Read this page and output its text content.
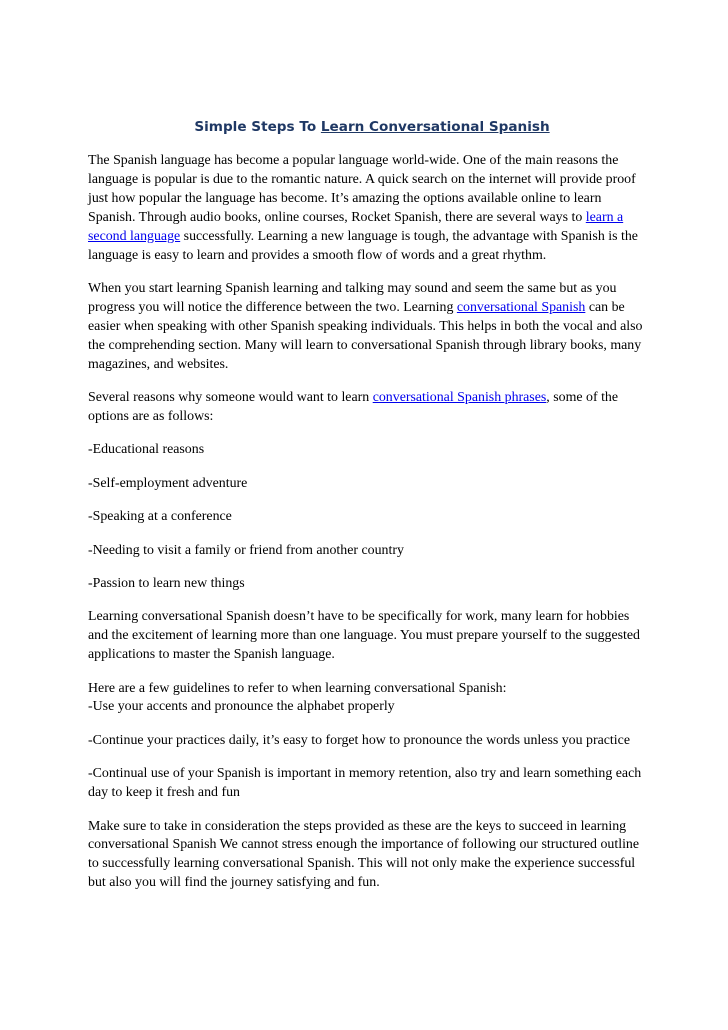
Simple Steps To Learn Conversational Spanish

The Spanish language has become a popular language world-wide. One of the main reasons the language is popular is due to the romantic nature. A quick search on the internet will provide proof just how popular the language has become. It’s amazing the options available online to learn Spanish. Through audio books, online courses, Rocket Spanish, there are several ways to learn a second language successfully. Learning a new language is tough, the advantage with Spanish is the language is easy to learn and provides a smooth flow of words and a great rhythm.

When you start learning Spanish learning and talking may sound and seem the same but as you progress you will notice the difference between the two. Learning conversational Spanish can be easier when speaking with other Spanish speaking individuals. This helps in both the vocal and also the comprehending section. Many will learn to conversational Spanish through library books, many magazines, and websites.

Several reasons why someone would want to learn conversational Spanish phrases, some of the options are as follows:

-Educational reasons

-Self-employment adventure

-Speaking at a conference

-Needing to visit a family or friend from another country

-Passion to learn new things

Learning conversational Spanish doesn’t have to be specifically for work, many learn for hobbies and the excitement of learning more than one language. You must prepare yourself to the suggested applications to master the Spanish language.

Here are a few guidelines to refer to when learning conversational Spanish:

-Use your accents and pronounce the alphabet properly

-Continue your practices daily, it’s easy to forget how to pronounce the words unless you practice

-Continual use of your Spanish is important in memory retention, also try and learn something each day to keep it fresh and fun

Make sure to take in consideration the steps provided as these are the keys to succeed in learning conversational Spanish We cannot stress enough the importance of following our structured outline to successfully learning conversational Spanish. This will not only make the experience successful but also you will find the journey satisfying and fun.
